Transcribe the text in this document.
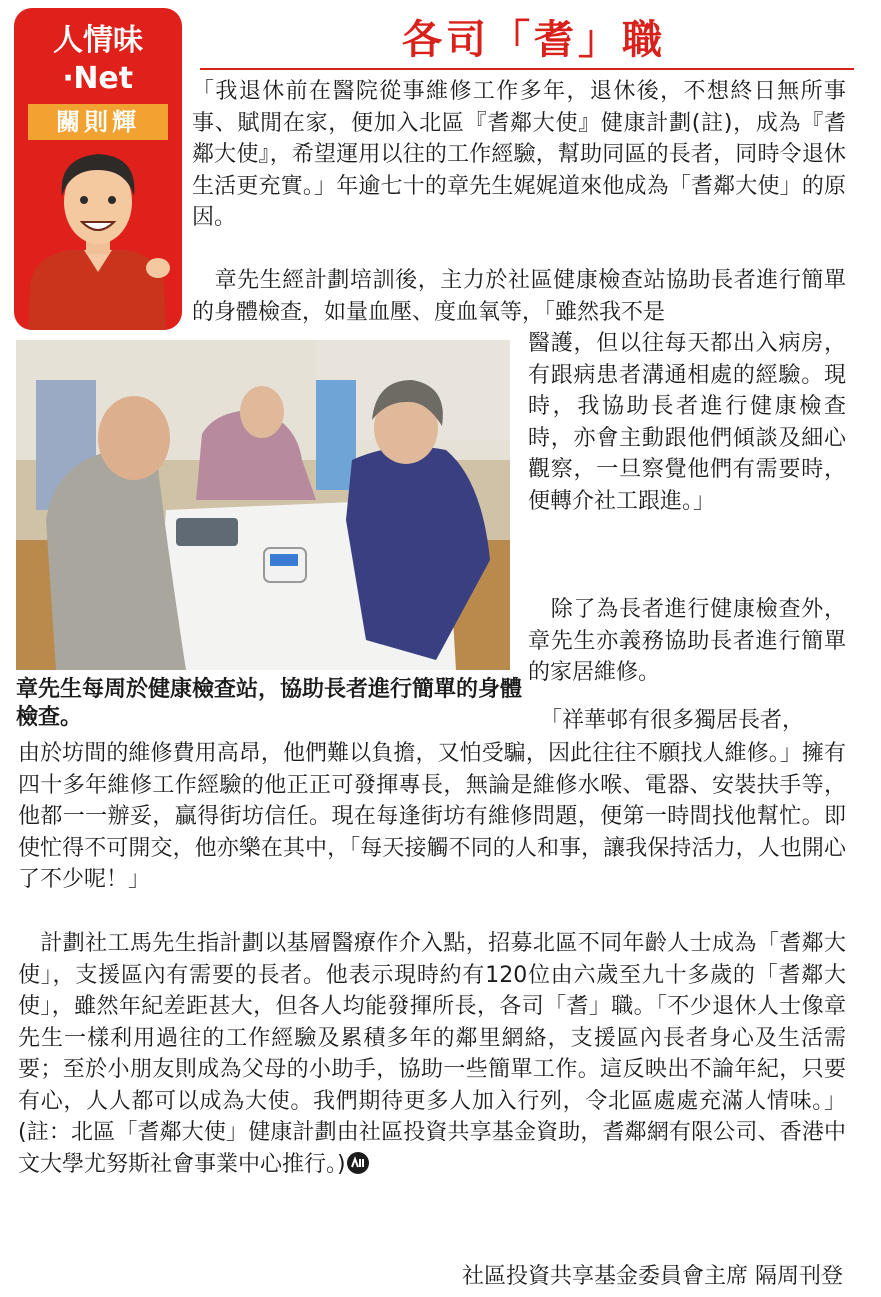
人情味
‧Net
關則輝
各司「耆」職

「我退休前在醫院從事維修工作多年，退休後，不想終日無所事事、賦閒在家，便加入北區『耆鄰大使』健康計劃(註)，成為『耆鄰大使』，希望運用以往的工作經驗，幫助同區的長者，同時令退休生活更充實。」年逾七十的章先生娓娓道來他成為「耆鄰大使」的原因。

　章先生經計劃培訓後，主力於社區健康檢查站協助長者進行簡單的身體檢查，如量血壓、度血氧等，「雖然我不是

章先生每周於健康檢查站，協助長者進行簡單的身體檢查。

醫護，但以往每天都出入病房，有跟病患者溝通相處的經驗。現時，我協助長者進行健康檢查時，亦會主動跟他們傾談及細心觀察，一旦察覺他們有需要時，便轉介社工跟進。」

　除了為長者進行健康檢查外，章先生亦義務協助長者進行簡單的家居維修。

「祥華邨有很多獨居長者，

由於坊間的維修費用高昂，他們難以負擔，又怕受騙，因此往往不願找人維修。」擁有四十多年維修工作經驗的他正正可發揮專長，無論是維修水喉、電器、安裝扶手等，他都一一辦妥，贏得街坊信任。現在每逢街坊有維修問題，便第一時間找他幫忙。即使忙得不可開交，他亦樂在其中，「每天接觸不同的人和事，讓我保持活力，人也開心了不少呢！」

　計劃社工馬先生指計劃以基層醫療作介入點，招募北區不同年齡人士成為「耆鄰大使」，支援區內有需要的長者。他表示現時約有120位由六歲至九十多歲的「耆鄰大使」，雖然年紀差距甚大，但各人均能發揮所長，各司「耆」職。「不少退休人士像章先生一樣利用過往的工作經驗及累積多年的鄰里網絡，支援區內長者身心及生活需要；至於小朋友則成為父母的小助手，協助一些簡單工作。這反映出不論年紀，只要有心，人人都可以成為大使。我們期待更多人加入行列，令北區處處充滿人情味。」(註：北區「耆鄰大使」健康計劃由社區投資共享基金資助，耆鄰網有限公司、香港中文大學尤努斯社會事業中心推行。)

社區投資共享基金委員會主席 隔周刊登
